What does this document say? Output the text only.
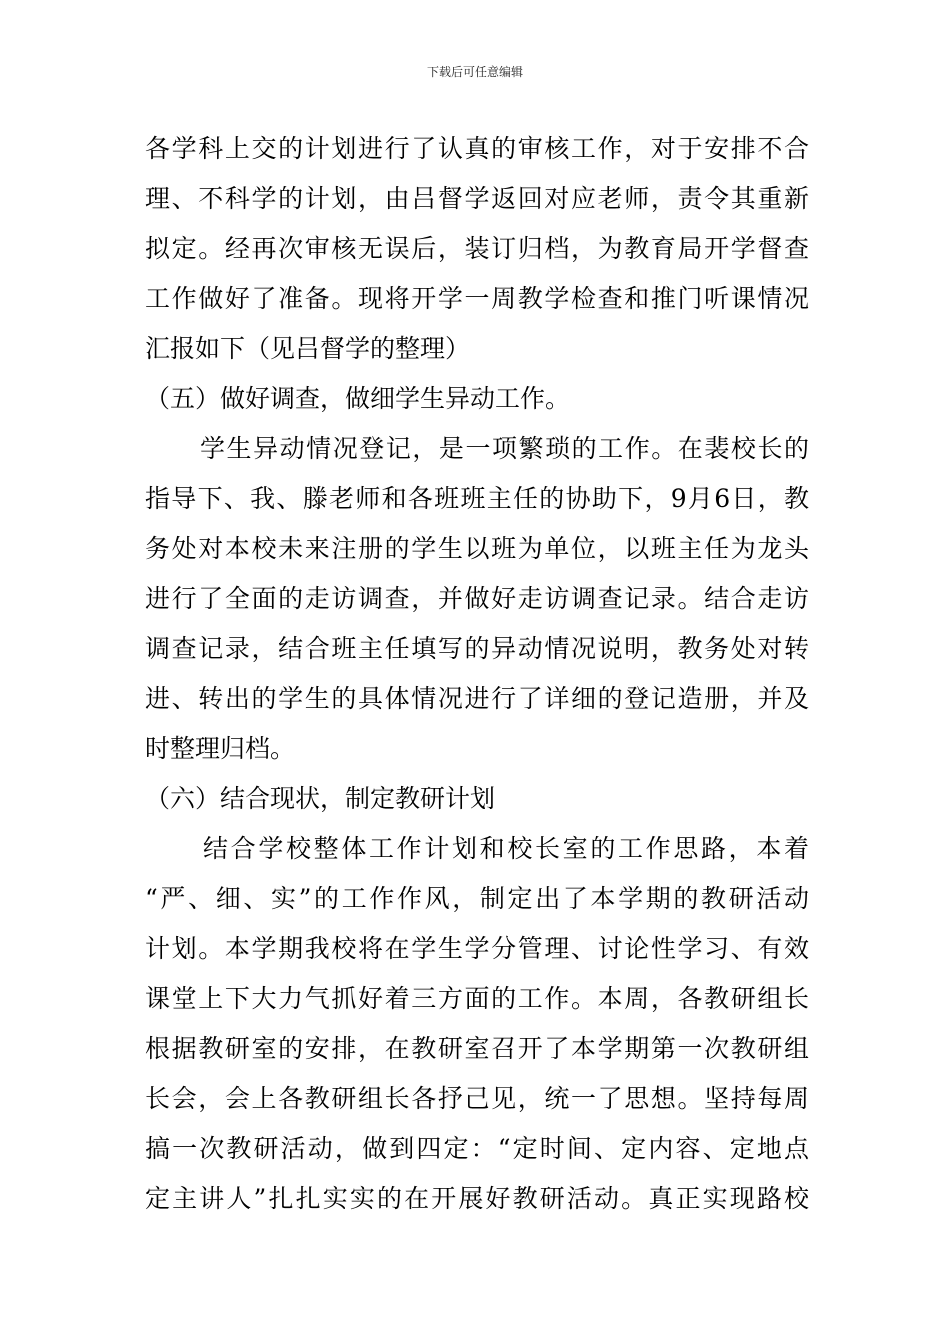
下载后可任意编辑

各学科上交的计划进行了认真的审核工作，对于安排不合
理、不科学的计划，由吕督学返回对应老师，责令其重新
拟定。经再次审核无误后，装订归档，为教育局开学督查
工作做好了准备。现将开学一周教学检查和推门听课情况
汇报如下（见吕督学的整理）

（五）做好调查，做细学生异动工作。

学生异动情况登记，是一项繁琐的工作。在裴校长的
指导下、我、滕老师和各班班主任的协助下，9月6日，教
务处对本校未来注册的学生以班为单位，以班主任为龙头
进行了全面的走访调查，并做好走访调查记录。结合走访
调查记录，结合班主任填写的异动情况说明，教务处对转
进、转出的学生的具体情况进行了详细的登记造册，并及
时整理归档。

（六）结合现状，制定教研计划

结合学校整体工作计划和校长室的工作思路，本着
“严、细、实”的工作作风，制定出了本学期的教研活动
计划。本学期我校将在学生学分管理、讨论性学习、有效
课堂上下大力气抓好着三方面的工作。本周，各教研组长
根据教研室的安排，在教研室召开了本学期第一次教研组
长会，会上各教研组长各抒己见，统一了思想。坚持每周
搞一次教研活动，做到四定：“定时间、定内容、定地点
定主讲人”扎扎实实的在开展好教研活动。真正实现路校
